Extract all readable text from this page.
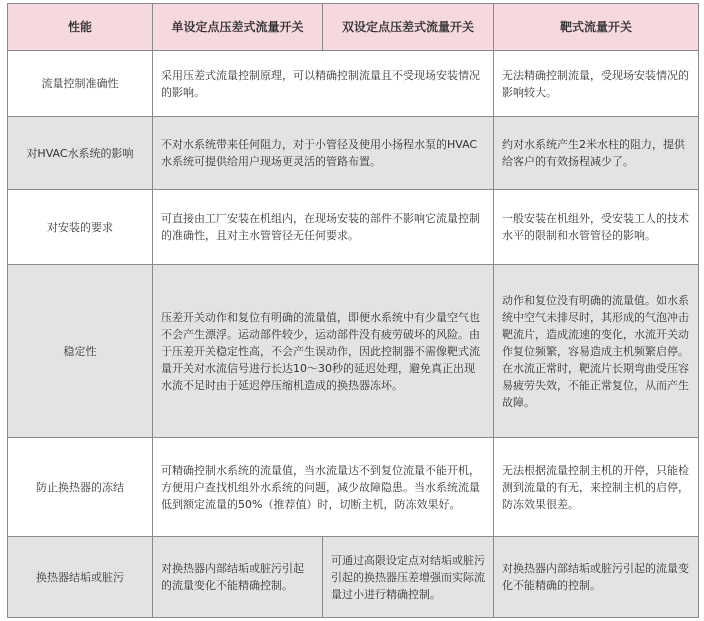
性能	单设定点压差式流量开关	双设定点压差式流量开关	靶式流量开关
流量控制准确性	采用压差式流量控制原理，可以精确控制流量且不受现场安装情况的影响。		无法精确控制流量，受现场安装情况的影响较大。
对HVAC水系统的影响	不对水系统带来任何阻力，对于小管径及使用小扬程水泵的HVAC水系统可提供给用户现场更灵活的管路布置。		约对水系统产生2米水柱的阻力，提供给客户的有效扬程减少了。
对安装的要求	可直接由工厂安装在机组内，在现场安装的部件不影响它流量控制的准确性，且对主水管管径无任何要求。		一般安装在机组外，受安装工人的技术水平的限制和水管管径的影响。
稳定性	压差开关动作和复位有明确的流量值，即便水系统中有少量空气也不会产生漂浮。运动部件较少，运动部件没有疲劳破坏的风险。由于压差开关稳定性高，不会产生误动作，因此控制器不需像靶式流量开关对水流信号进行长达10～30秒的延迟处理，避免真正出现水流不足时由于延迟停压缩机造成的换热器冻坏。		动作和复位没有明确的流量值。如水系统中空气未排尽时，其形成的气泡冲击靶流片，造成流速的变化，水流开关动作复位频繁，容易造成主机频繁启停。在水流正常时，靶流片长期弯曲受压容易疲劳失效，不能正常复位，从而产生故障。
防止换热器的冻结	可精确控制水系统的流量值，当水流量达不到复位流量不能开机，方便用户查找机组外水系统的问题，减少故障隐患。当水系统流量低到额定流量的50%（推荐值）时，切断主机，防冻效果好。		无法根据流量控制主机的开停，只能检测到流量的有无，来控制主机的启停，防冻效果很差。
换热器结垢或脏污	对换热器内部结垢或脏污引起的流量变化不能精确控制。	可通过高限设定点对结垢或脏污引起的换热器压差增强而实际流量过小进行精确控制。	对换热器内部结垢或脏污引起的流量变化不能精确的控制。
